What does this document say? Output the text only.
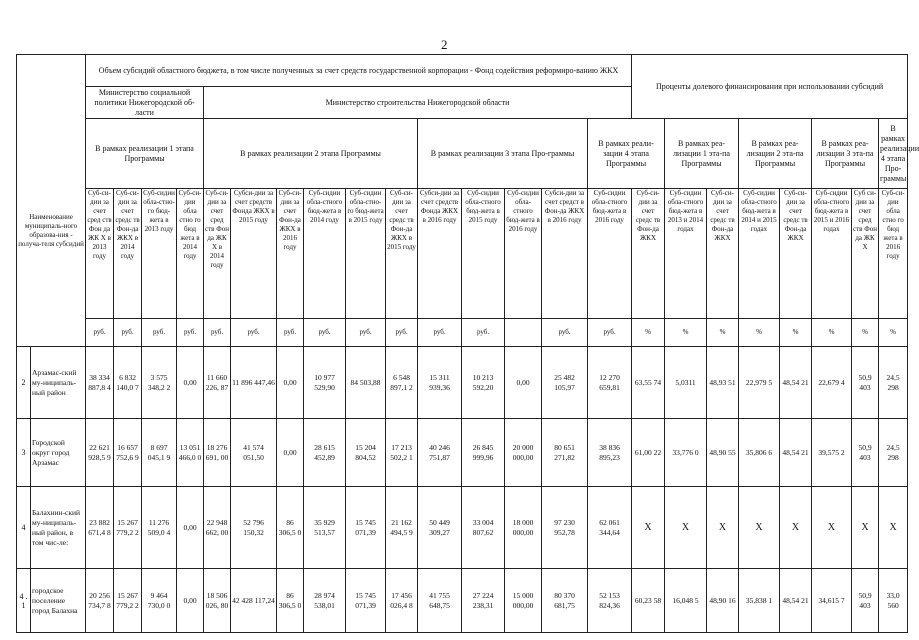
2
Наименование муниципаль-ного образова-ния - получа-теля субсидий		Объем субсидий областного бюджета, в том числе полученных за счет средств государственной корпорации - Фонд содействия реформиро-ванию ЖКХ															Проценты долевого финансирования при использовании субсидий							
		Министерство социальной политики Нижегородской об-ласти				Министерство строительства Нижегородской области																		
		В рамках реализации 1 этапа Программы				В рамках реализации 2 этапа Программы						В рамках реализации 3 этапа Про-граммы				В рамках реали-зации 4 этапа Программы		В рамках реа-лизации 1 эта-па Программы		В рамках реа-лизации 2 эта-па Программы		В рамках реа-лизации 3 эта-па Программы		В рамках реализации 4 этапа Про-граммы
		Суб-си-дии за счет сред ств Фон да ЖК Х в 2013 году	Суб-си-дии за счет средс тв Фон-да ЖКХ в 2014 году	Суб-сидии обла-стно-го бюд-жета в 2013 году	Суб-си-дии обла стно го бюд жета в 2014 году	Суб-си-дии за счет сред ств Фон да ЖК Х в 2014 году	Субси-дии за счет средств Фонда ЖКХ в 2015 году	Суб-си-дии за счет Фон-да ЖКХ в 2016 году	Суб-сидии обла-стного бюд-жета в 2014 году	Суб-сидии обла-стно-го бюд-жета в 2015 году	Суб-си-дии за счет средс тв Фон-да ЖКХ в 2015 году	Субси-дии за счет средств Фонда ЖКХ в 2016 году	Суб-сидии обла-стного бюд-жета в 2015 году	Суб-сидии обла-стного бюд-жета в 2016 году	Субси-дии за счет средст в Фон-да ЖКХ в 2016 году	Суб-сидии обла-стного бюд-жета в 2016 году	Суб-си-дии за счет средс тв Фон-да ЖКХ	Суб-сидии обла-стного бюд-жета в 2013 и 2014 годах	Суб-си-дии за счет средс тв Фон-да ЖКХ	Суб-сидии обла-стного бюд-жета в 2014 и 2015 годах	Суб-си-дии за счет средс тв Фон-да ЖКХ	Суб-сидии обла-стного бюд-жета в 2015 и 2016 годах	Суб си-дии за счет сред ств Фон да ЖК Х	Суб-си-дии обла стно го бюд жета в 2016 году
		руб.	руб.	руб.	руб.	руб.	руб.	руб.	руб.	руб.	руб.	руб.	руб.		руб.	руб.	%	%	%	%	%	%	%	%
2	Арзамас-ский му-ниципаль-ный район	38 334 887,8 4	6 832 140,0 7	3 575 348,2 2	0,00	11 660 226, 87	11 896 447,46	0,00	10 977 529,90	84 503,88	6 548 897,1 2	15 311 939,36	10 213 592,20	0,00	25 482 105,97	12 270 659,81	63,55 74	5,0311	48,93 51	22,979 5	48,54 21	22,679 4	50,9 403	24,5 298
3	Городской округ город Арзамас	22 621 928,5 9	16 657 752,6 9	8 697 045,1 9	13 051 466,0 0	18 276 691, 00	41 574 051,50	0,00	28 615 452,89	15 204 804,52	17 213 502,2 1	40 246 751,87	26 845 999,96	20 000 000,00	80 651 271,82	38 836 895,23	61,00 22	33,776 0	48,90 55	35,806 6	48,54 21	39,575 2	50,9 403	24,5 298
4	Балахнин-ский му-ниципаль-ный район, в том чис-ле:	23 882 671,4 8	15 267 779,2 2	11 276 509,0 4	0,00	22 948 662, 00	52 796 150,32	86 306,5 0	35 929 513,57	15 745 071,39	21 162 494,5 9	50 449 309,27	33 004 807,62	18 000 000,00	97 230 952,78	62 061 344,64	X	X	X	X	X	X	X	X
4 . 1	городское поселение город Балахна	20 256 734,7 8	15 267 779,2 2	9 464 730,0 0	0,00	18 506 026, 80	42 428 117,24	86 306,5 0	28 974 538,01	15 745 071,39	17 456 026,4 8	41 755 648,75	27 224 238,31	15 000 000,00	80 370 681,75	52 153 824,36	60,23 58	16,048 5	48,90 16	35,838 1	48,54 21	34,615 7	50,9 403	33,0 560
